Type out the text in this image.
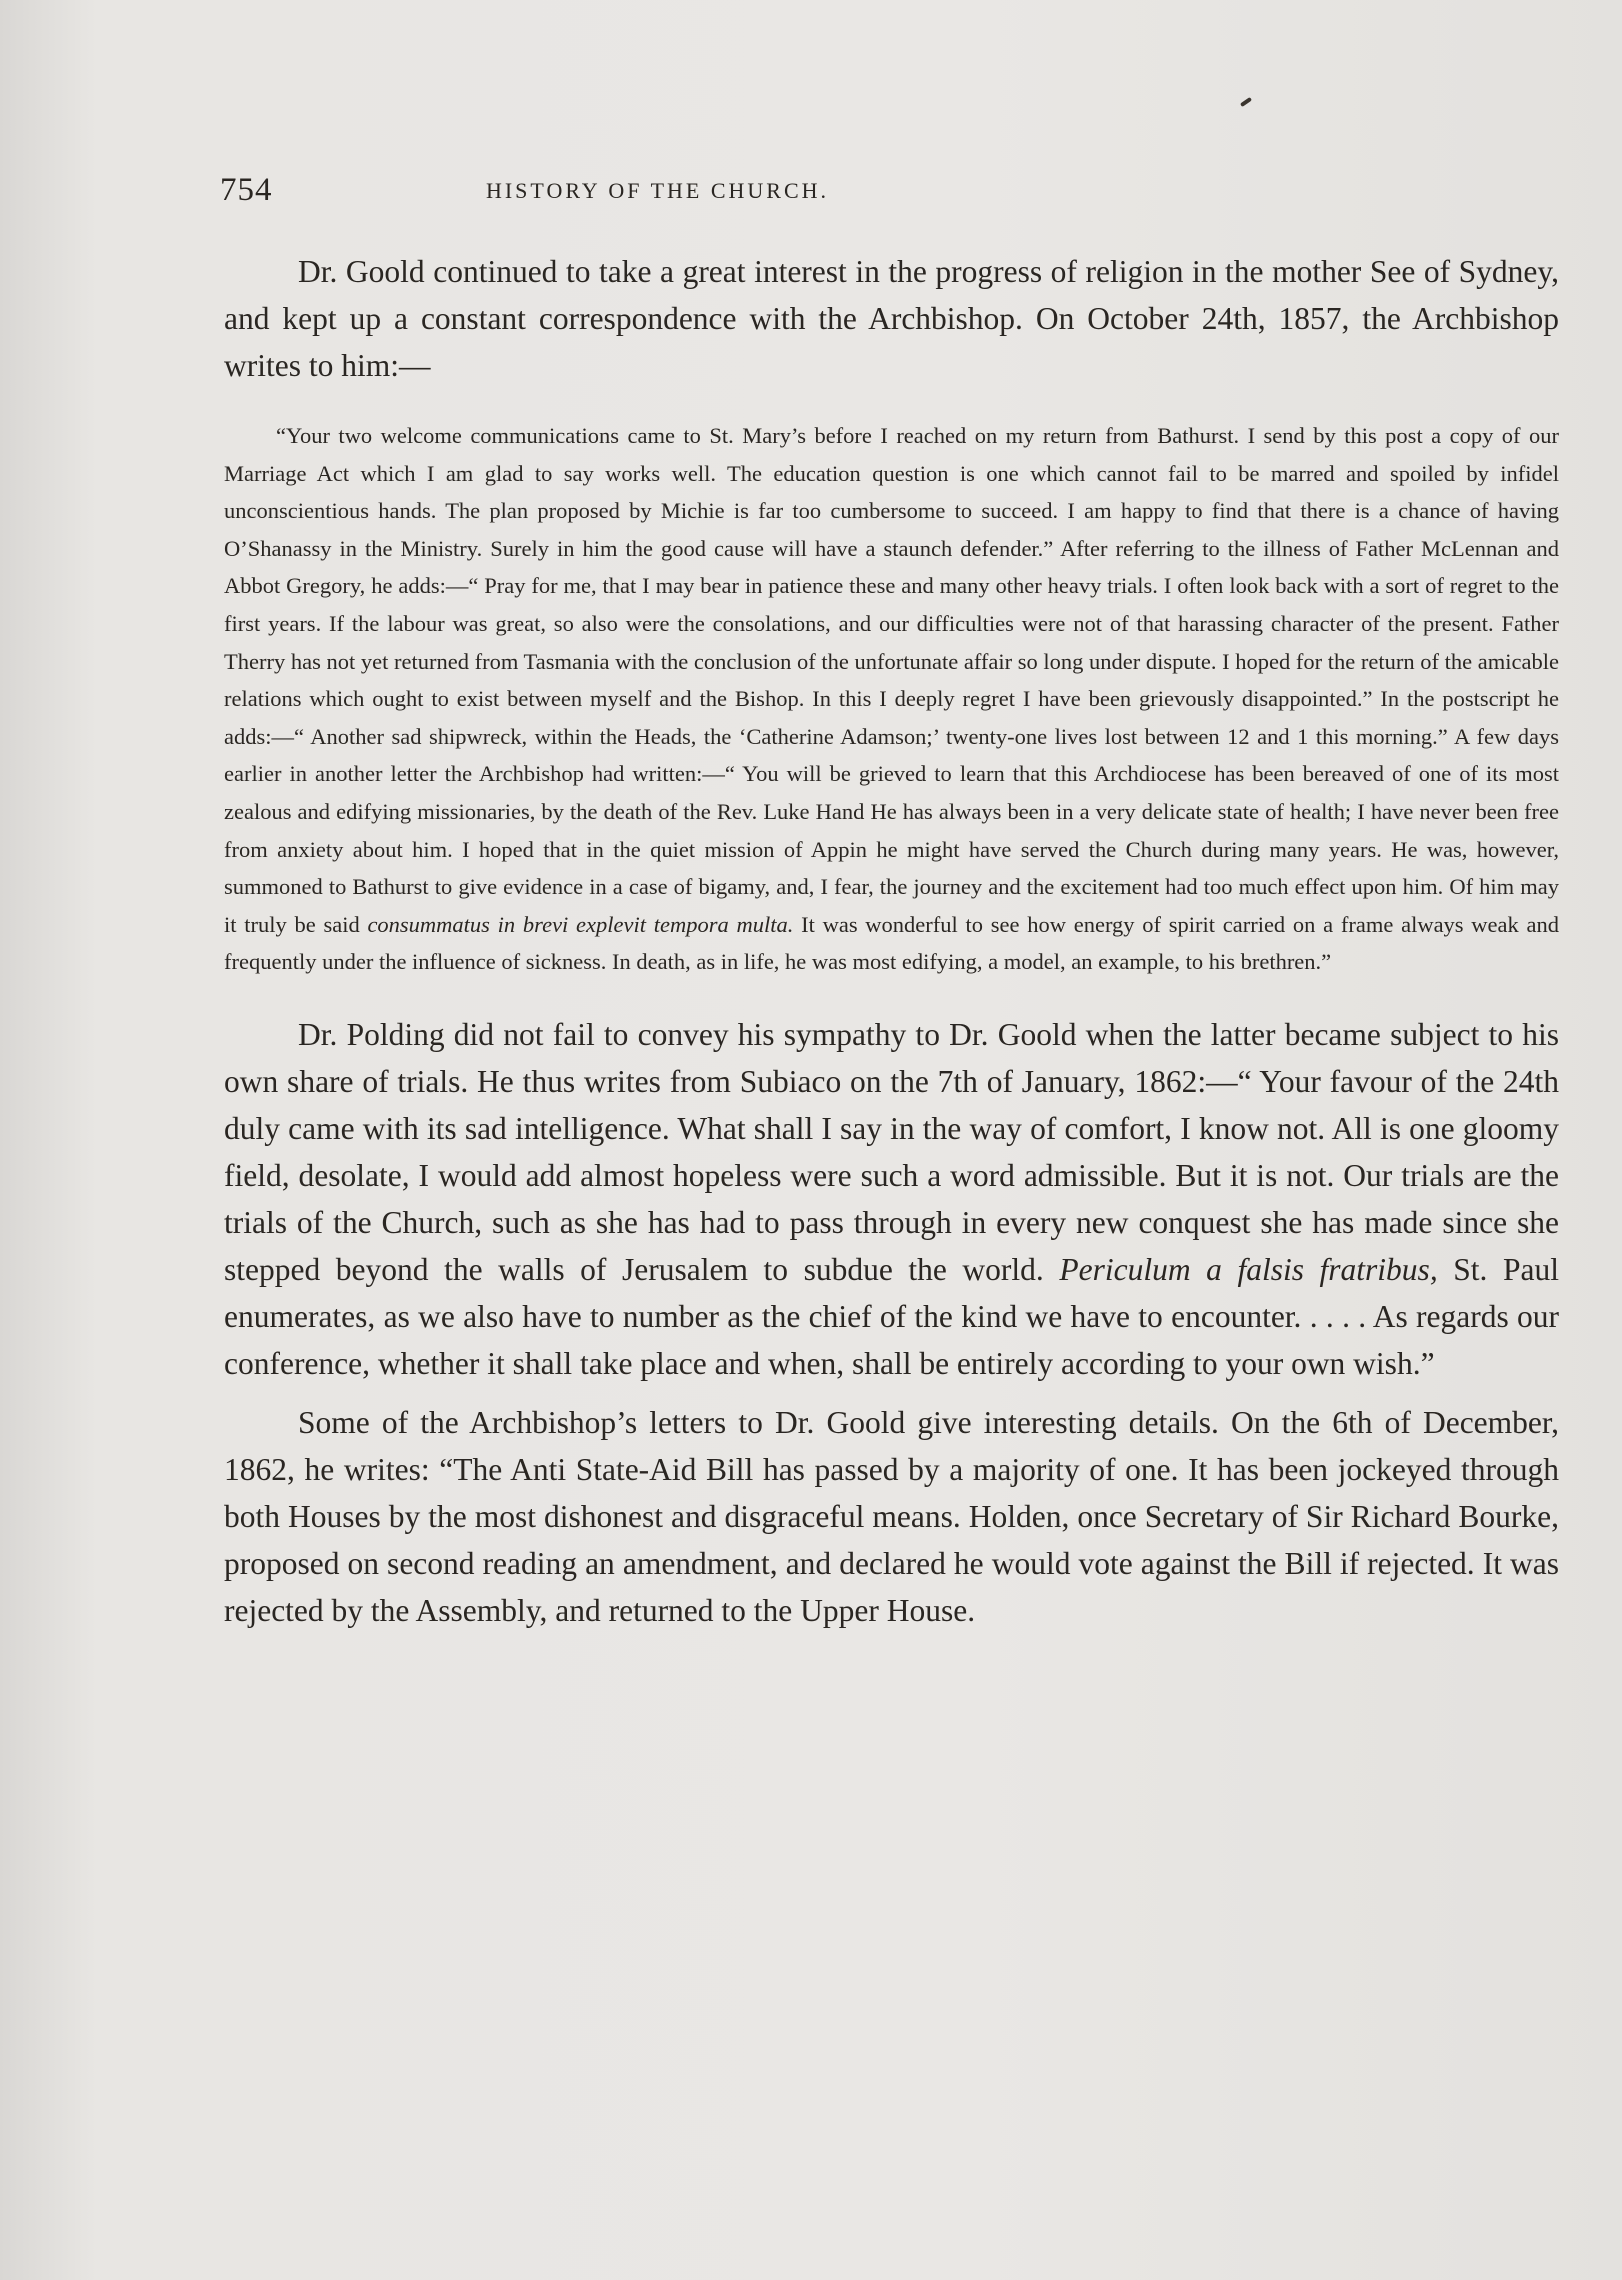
754	HISTORY OF THE CHURCH.

Dr. Goold continued to take a great interest in the progress of religion in the mother See of Sydney, and kept up a constant correspondence with the Archbishop. On October 24th, 1857, the Archbishop writes to him:—

“Your two welcome communications came to St. Mary’s before I reached on my return from Bathurst. I send by this post a copy of our Marriage Act which I am glad to say works well. The education question is one which cannot fail to be marred and spoiled by infidel unconscientious hands. The plan proposed by Michie is far too cumbersome to succeed. I am happy to find that there is a chance of having O’Shanassy in the Ministry. Surely in him the good cause will have a staunch defender.” After referring to the illness of Father McLennan and Abbot Gregory, he adds:—“ Pray for me, that I may bear in patience these and many other heavy trials. I often look back with a sort of regret to the first years. If the labour was great, so also were the consolations, and our difficulties were not of that harassing character of the present. Father Therry has not yet returned from Tasmania with the conclusion of the unfortunate affair so long under dispute. I hoped for the return of the amicable relations which ought to exist between myself and the Bishop. In this I deeply regret I have been grievously disappointed.” In the postscript he adds:—“ Another sad shipwreck, within the Heads, the ‘Catherine Adamson;’ twenty-one lives lost between 12 and 1 this morning.” A few days earlier in another letter the Archbishop had written:—“ You will be grieved to learn that this Archdiocese has been bereaved of one of its most zealous and edifying missionaries, by the death of the Rev. Luke Hand He has always been in a very delicate state of health; I have never been free from anxiety about him. I hoped that in the quiet mission of Appin he might have served the Church during many years. He was, however, summoned to Bathurst to give evidence in a case of bigamy, and, I fear, the journey and the excitement had too much effect upon him. Of him may it truly be said consummatus in brevi explevit tempora multa. It was wonderful to see how energy of spirit carried on a frame always weak and frequently under the influence of sickness. In death, as in life, he was most edifying, a model, an example, to his brethren.”

Dr. Polding did not fail to convey his sympathy to Dr. Goold when the latter became subject to his own share of trials. He thus writes from Subiaco on the 7th of January, 1862:—“ Your favour of the 24th duly came with its sad intelligence. What shall I say in the way of comfort, I know not. All is one gloomy field, desolate, I would add almost hopeless were such a word admissible. But it is not. Our trials are the trials of the Church, such as she has had to pass through in every new conquest she has made since she stepped beyond the walls of Jerusalem to subdue the world. Periculum a falsis fratribus, St. Paul enumerates, as we also have to number as the chief of the kind we have to encounter. . . . . As regards our conference, whether it shall take place and when, shall be entirely according to your own wish.”

Some of the Archbishop’s letters to Dr. Goold give interesting details. On the 6th of December, 1862, he writes: “The Anti State-Aid Bill has passed by a majority of one. It has been jockeyed through both Houses by the most dishonest and disgraceful means. Holden, once Secretary of Sir Richard Bourke, proposed on second reading an amendment, and declared he would vote against the Bill if rejected. It was rejected by the Assembly, and returned to the Upper House.
